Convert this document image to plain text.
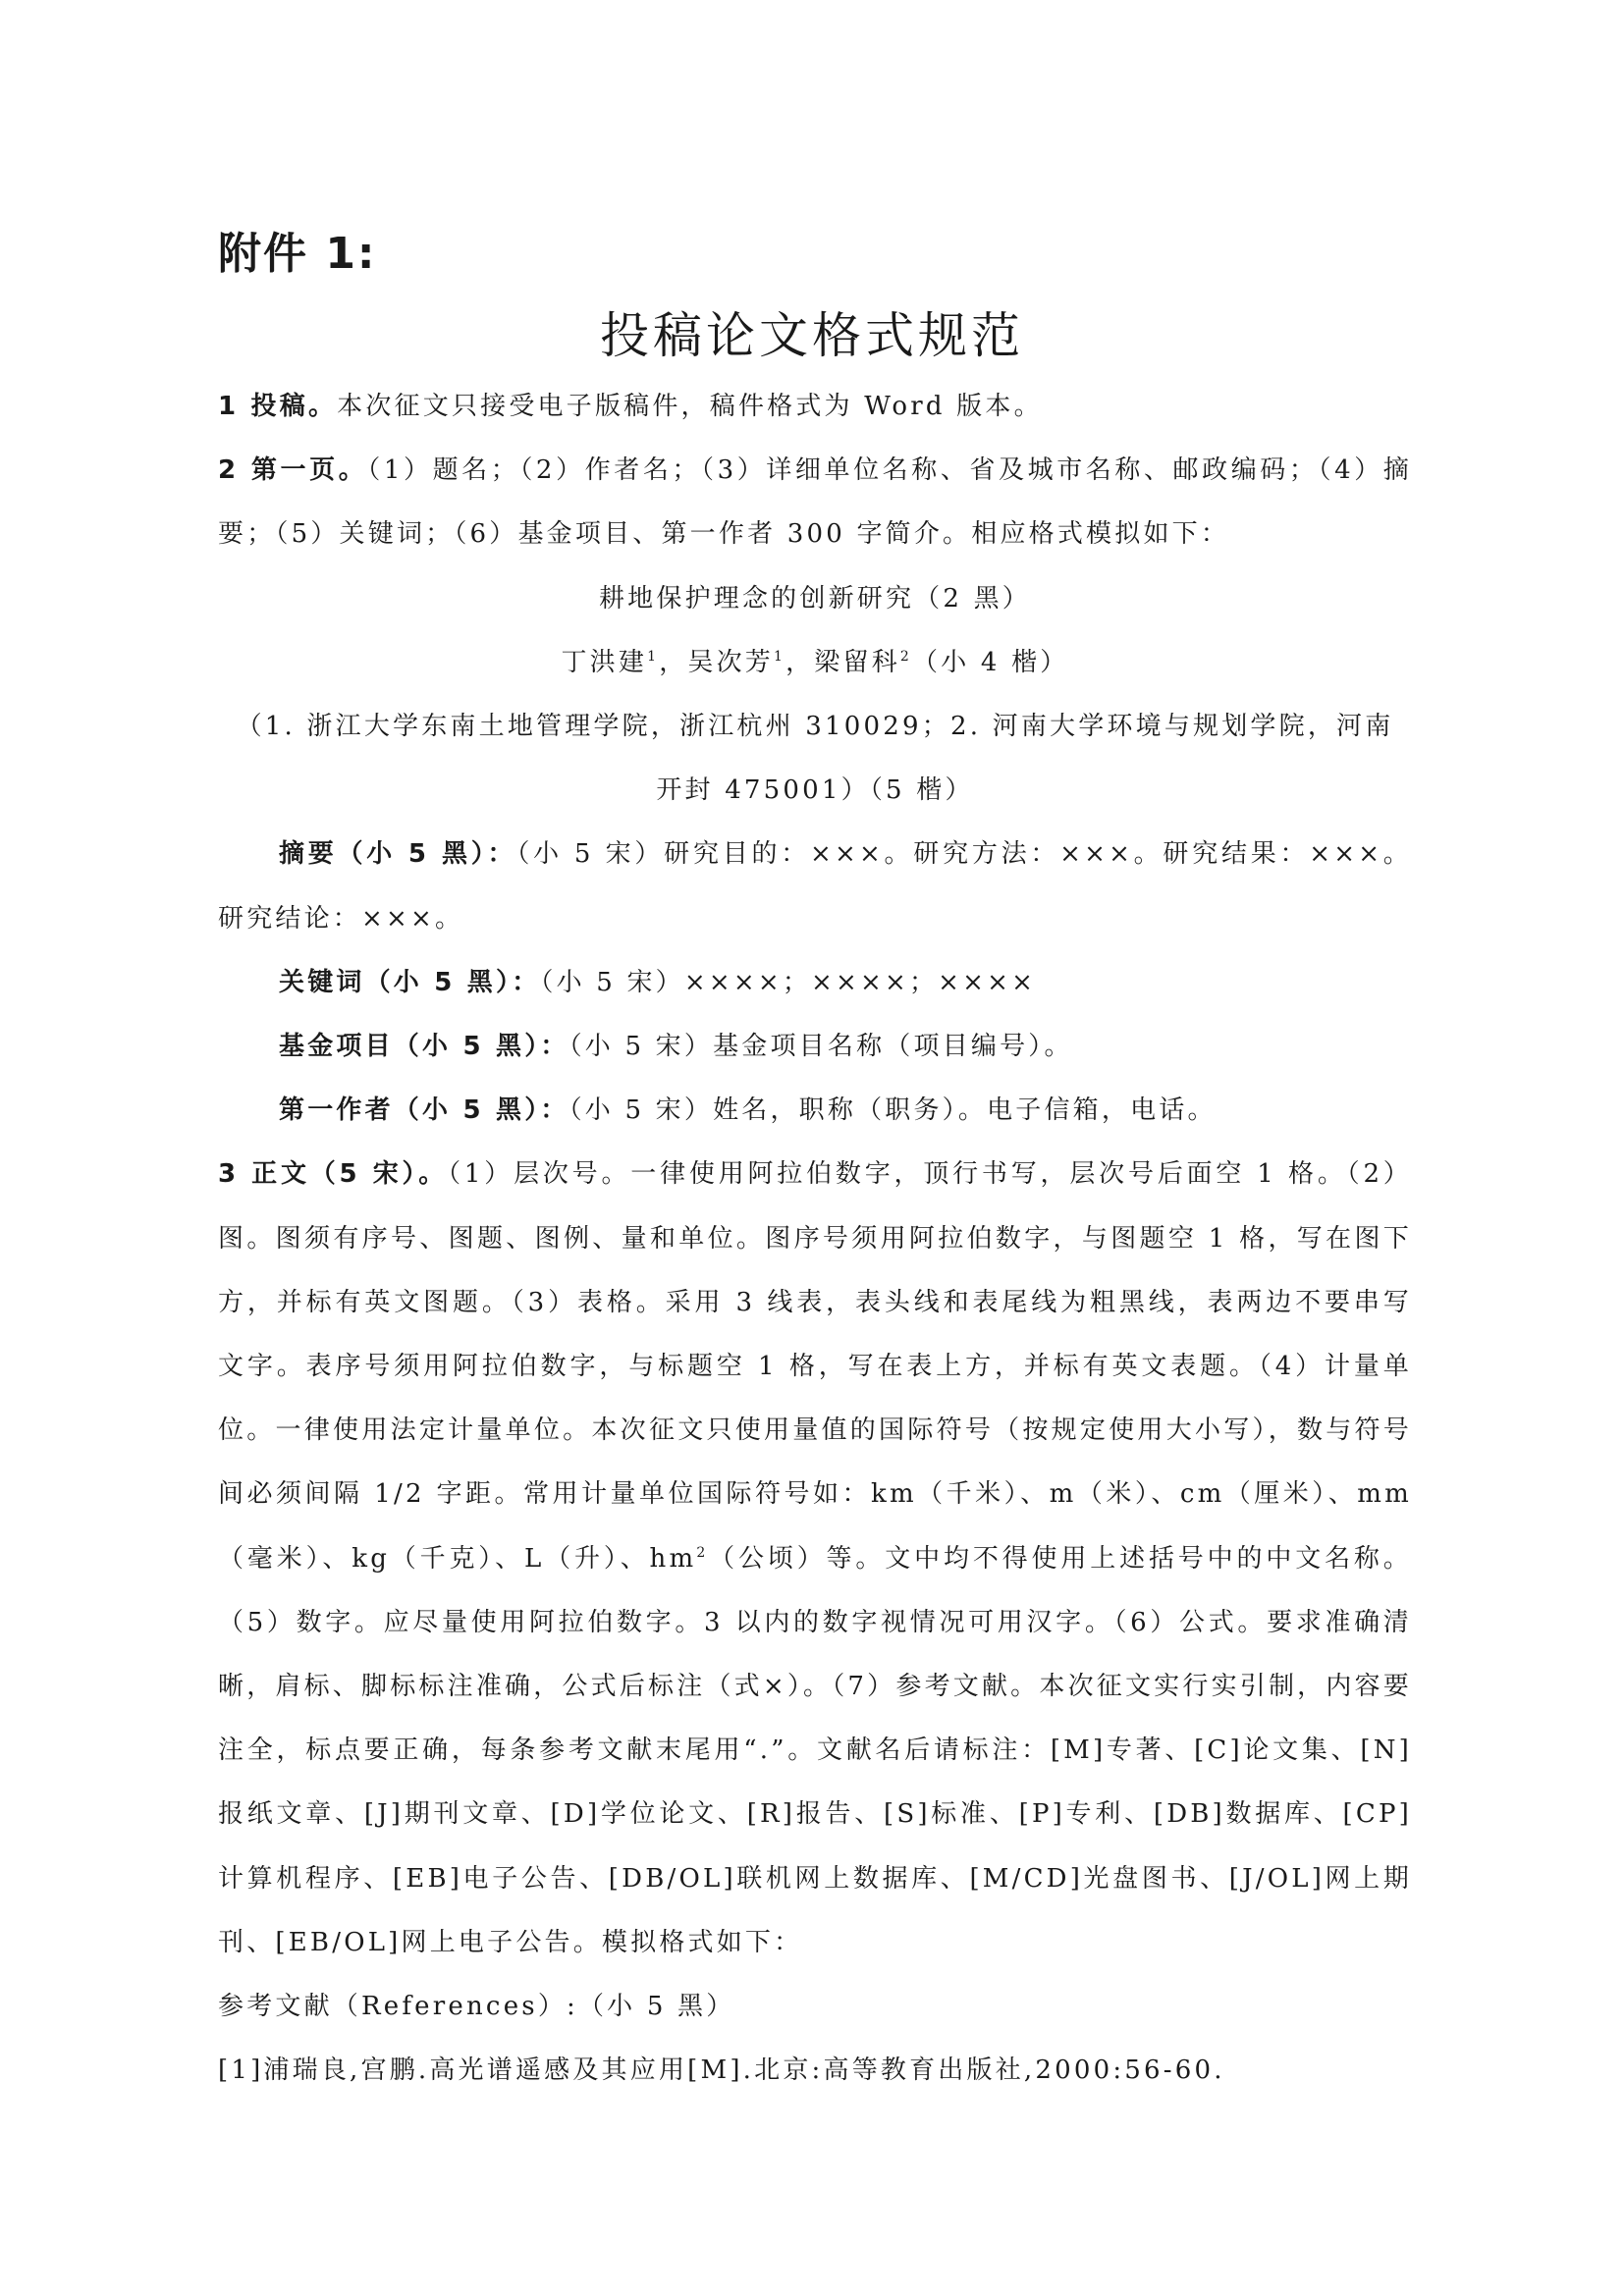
附件 1:
投稿论文格式规范

1 投稿。本次征文只接受电子版稿件，稿件格式为 Word 版本。

2 第一页。（1）题名；（2）作者名；（3）详细单位名称、省及城市名称、邮政编码；（4）摘要；（5）关键词；（6）基金项目、第一作者 300 字简介。相应格式模拟如下：

耕地保护理念的创新研究（2 黑）

丁洪建$^1$，吴次芳$^1$，梁留科$^2$（小 4 楷）

（1. 浙江大学东南土地管理学院，浙江杭州 310029；2. 河南大学环境与规划学院，河南 开封 475001）（5 楷）

摘要（小 5 黑）：（小 5 宋）研究目的：×××。研究方法：×××。研究结果：×××。研究结论：×××。

关键词（小 5 黑）：（小 5 宋）××××；××××；××××

基金项目（小 5 黑）：（小 5 宋）基金项目名称（项目编号）。

第一作者（小 5 黑）：（小 5 宋）姓名，职称（职务）。电子信箱，电话。

3 正文（5 宋）。（1）层次号。一律使用阿拉伯数字，顶行书写，层次号后面空 1 格。（2）图。图须有序号、图题、图例、量和单位。图序号须用阿拉伯数字，与图题空 1 格，写在图下方，并标有英文图题。（3）表格。采用 3 线表，表头线和表尾线为粗黑线，表两边不要串写文字。表序号须用阿拉伯数字，与标题空 1 格，写在表上方，并标有英文表题。（4）计量单位。一律使用法定计量单位。本次征文只使用量值的国际符号（按规定使用大小写），数与符号间必须间隔 1/2 字距。常用计量单位国际符号如：km（千米）、m（米）、cm（厘米）、mm（毫米）、kg（千克）、L（升）、$hm^2$（公顷）等。文中均不得使用上述括号中的中文名称。（5）数字。应尽量使用阿拉伯数字。3 以内的数字视情况可用汉字。（6）公式。要求准确清晰，肩标、脚标标注准确，公式后标注（式×）。（7）参考文献。本次征文实行实引制，内容要注全，标点要正确，每条参考文献末尾用“.”。文献名后请标注：[M]专著、[C]论文集、[N]报纸文章、[J]期刊文章、[D]学位论文、[R]报告、[S]标准、[P]专利、[DB]数据库、[CP]计算机程序、[EB]电子公告、[DB/OL]联机网上数据库、[M/CD]光盘图书、[J/OL]网上期刊、[EB/OL]网上电子公告。模拟格式如下：

参考文献（References）:（小 5 黑）

[1]浦瑞良,宫鹏.高光谱遥感及其应用[M].北京:高等教育出版社,2000:56-60.
